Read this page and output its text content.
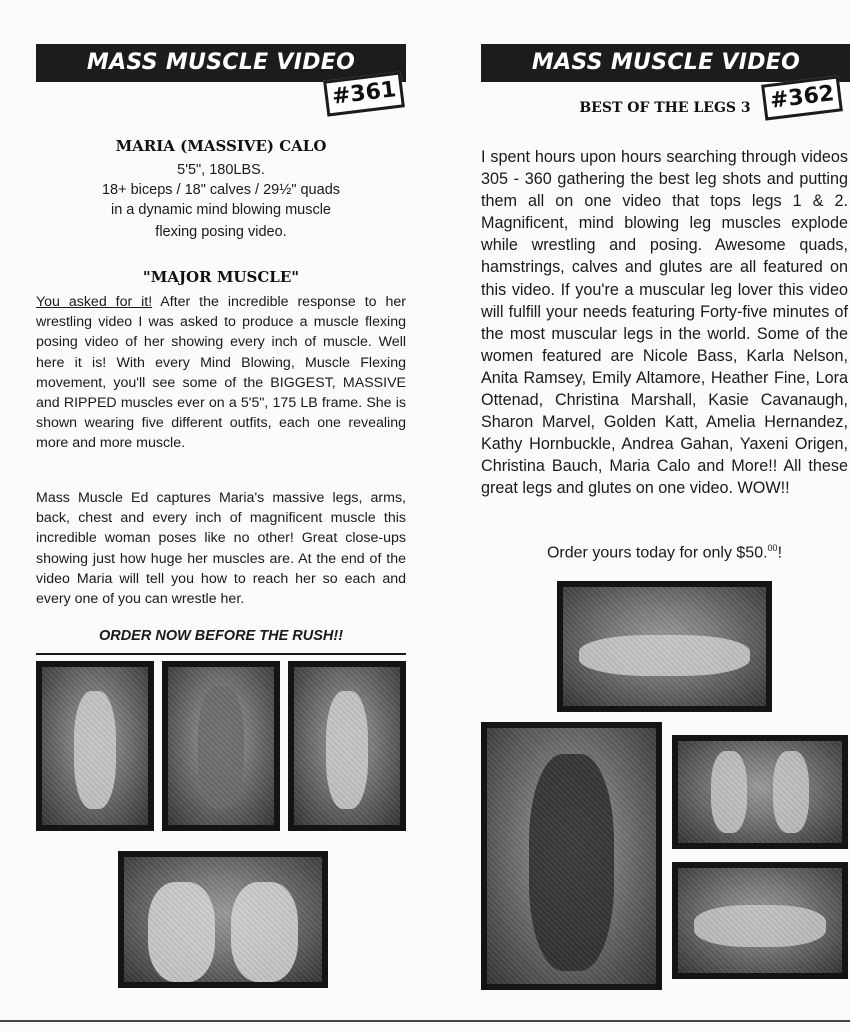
MASS MUSCLE VIDEO
#361
MARIA (MASSIVE) CALO
5'5", 180LBS.
18+ biceps / 18" calves / 29½" quads
in a dynamic mind blowing muscle
flexing posing video.
"MAJOR MUSCLE"
You asked for it! After the incredible response to her wrestling video I was asked to produce a muscle flexing posing video of her showing every inch of muscle. Well here it is! With every Mind Blowing, Muscle Flexing movement, you'll see some of the BIGGEST, MASSIVE and RIPPED muscles ever on a 5'5", 175 LB frame. She is shown wearing five different outfits, each one revealing more and more muscle.
Mass Muscle Ed captures Maria's massive legs, arms, back, chest and every inch of magnificent muscle this incredible woman poses like no other! Great close-ups showing just how huge her muscles are. At the end of the video Maria will tell you how to reach her so each and every one of you can wrestle her.
ORDER NOW BEFORE THE RUSH!!
MASS MUSCLE VIDEO
#362
BEST OF THE LEGS 3
I spent hours upon hours searching through videos 305 - 360 gathering the best leg shots and putting them all on one video that tops legs 1 & 2. Magnificent, mind blowing leg muscles explode while wrestling and posing. Awesome quads, hamstrings, calves and glutes are all featured on this video. If you're a muscular leg lover this video will fulfill your needs featuring Forty-five minutes of the most muscular legs in the world. Some of the women featured are Nicole Bass, Karla Nelson, Anita Ramsey, Emily Altamore, Heather Fine, Lora Ottenad, Christina Marshall, Kasie Cavanaugh, Sharon Marvel, Golden Katt, Amelia Hernandez, Kathy Hornbuckle, Andrea Gahan, Yaxeni Origen, Christina Bauch, Maria Calo and More!! All these great legs and glutes on one video. WOW!!
Order yours today for only $50.00!
